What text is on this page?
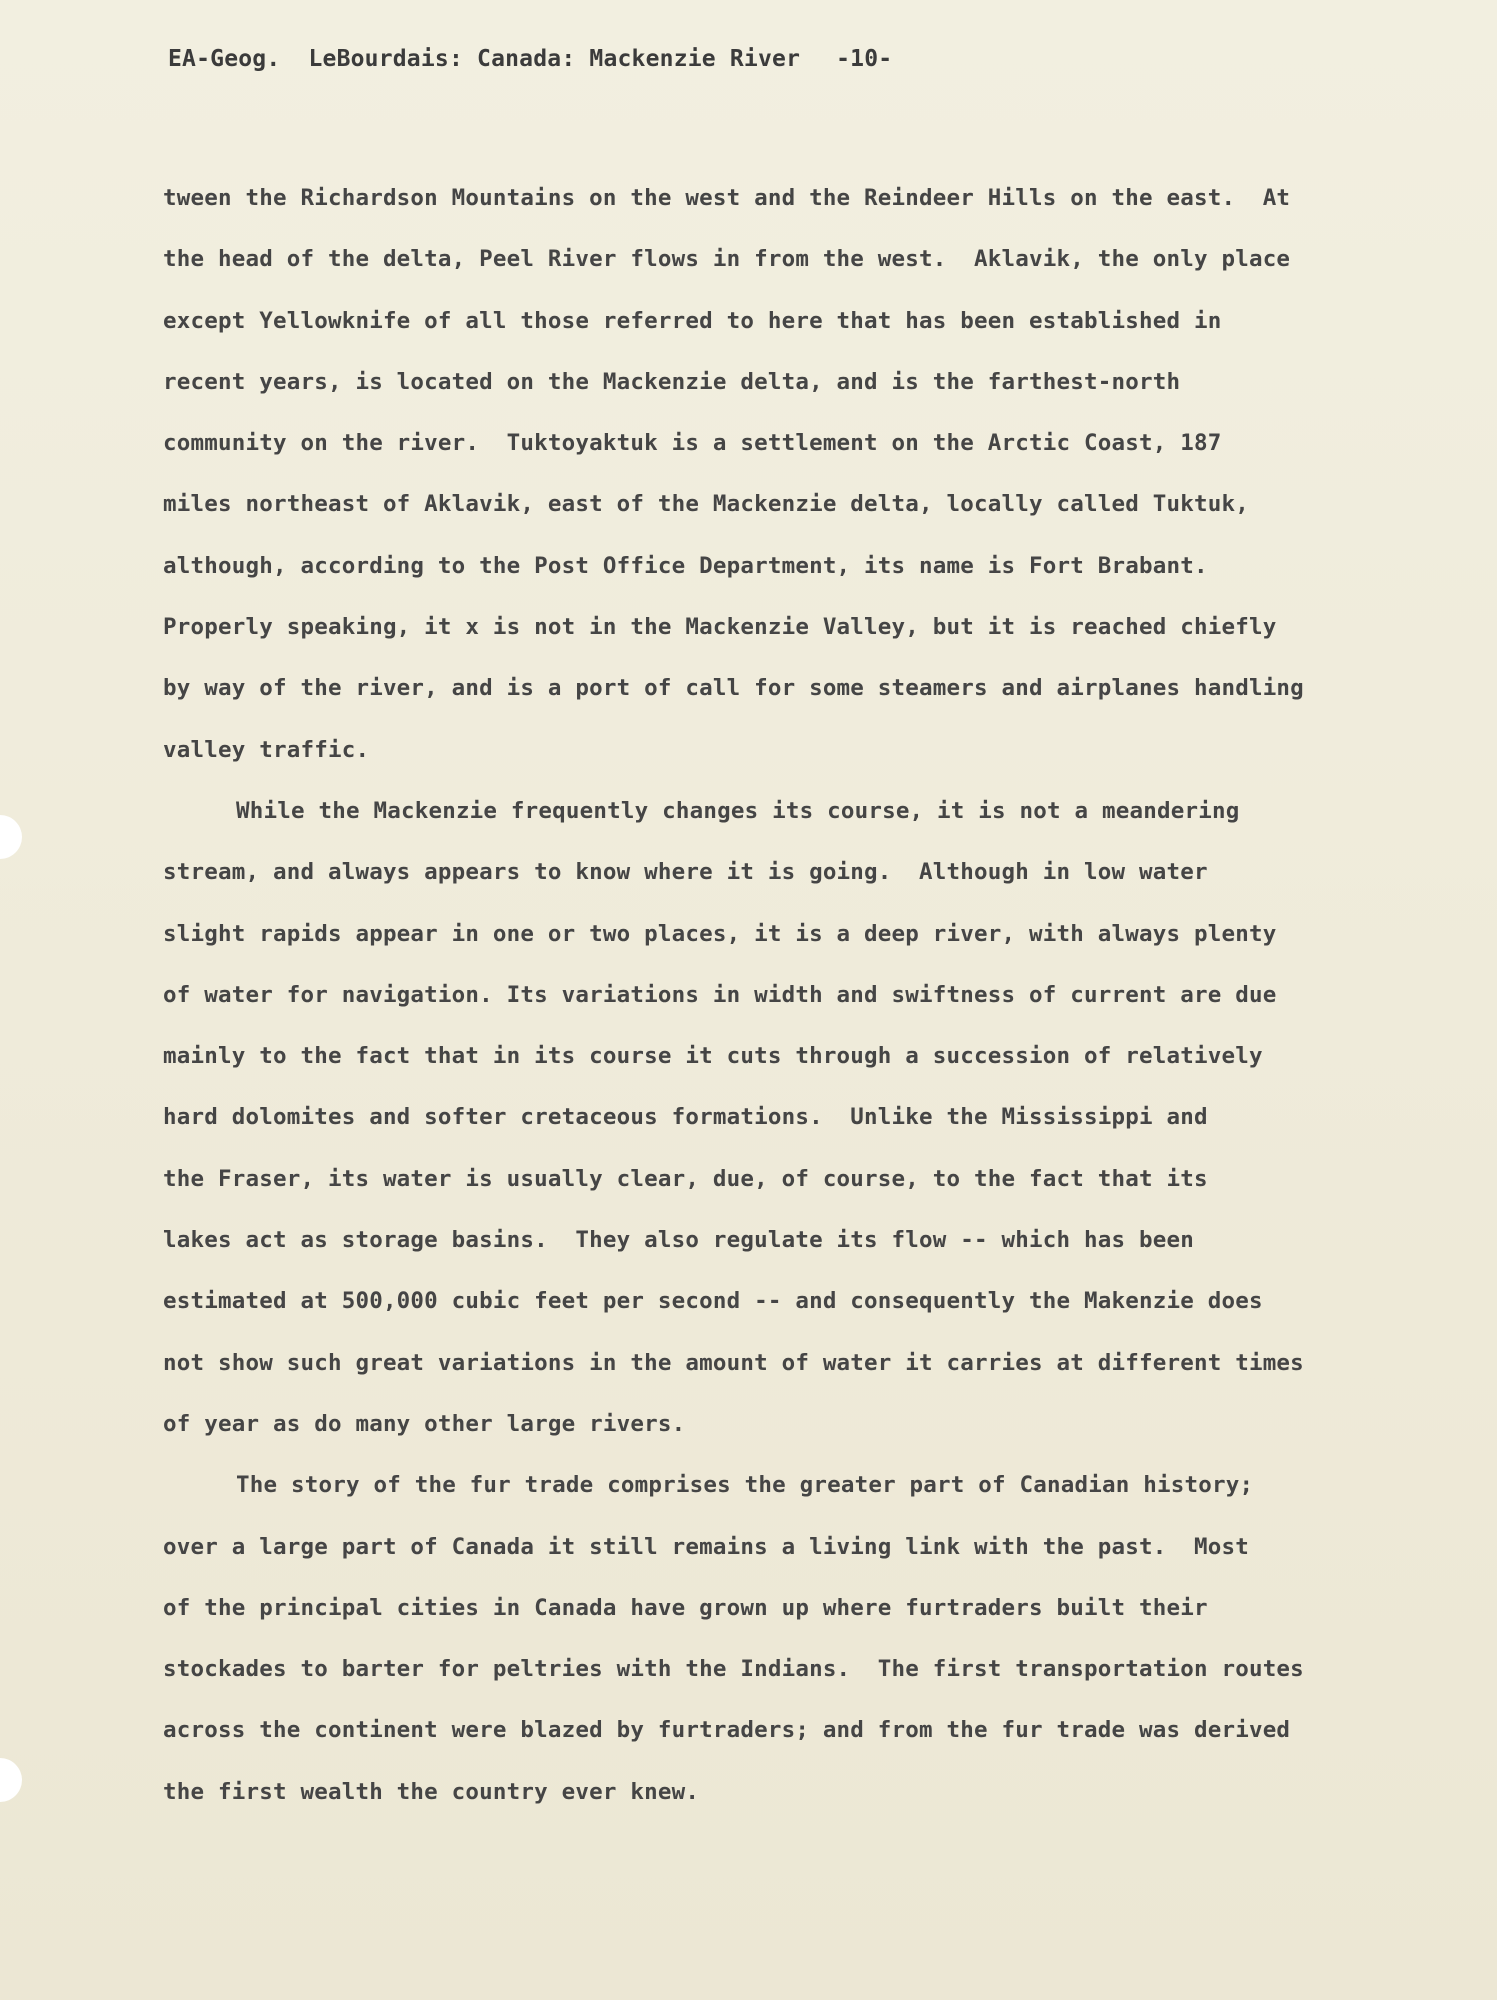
EA-Geog.  LeBourdais: Canada: Mackenzie River -10-
tween the Richardson Mountains on the west and the Reindeer Hills on the east.  At
the head of the delta, Peel River flows in from the west.  Aklavik, the only place
except Yellowknife of all those referred to here that has been established in
recent years, is located on the Mackenzie delta, and is the farthest-north
community on the river.  Tuktoyaktuk is a settlement on the Arctic Coast, 187
miles northeast of Aklavik, east of the Mackenzie delta, locally called Tuktuk,
although, according to the Post Office Department, its name is Fort Brabant.
Properly speaking, it x is not in the Mackenzie Valley, but it is reached chiefly
by way of the river, and is a port of call for some steamers and airplanes handling
valley traffic.
While the Mackenzie frequently changes its course, it is not a meandering
stream, and always appears to know where it is going.  Although in low water
slight rapids appear in one or two places, it is a deep river, with always plenty
of water for navigation. Its variations in width and swiftness of current are due
mainly to the fact that in its course it cuts through a succession of relatively
hard dolomites and softer cretaceous formations.  Unlike the Mississippi and
the Fraser, its water is usually clear, due, of course, to the fact that its
lakes act as storage basins.  They also regulate its flow -- which has been
estimated at 500,000 cubic feet per second -- and consequently the Makenzie does
not show such great variations in the amount of water it carries at different times
of year as do many other large rivers.
The story of the fur trade comprises the greater part of Canadian history;
over a large part of Canada it still remains a living link with the past.  Most
of the principal cities in Canada have grown up where furtraders built their
stockades to barter for peltries with the Indians.  The first transportation routes
across the continent were blazed by furtraders; and from the fur trade was derived
the first wealth the country ever knew.
